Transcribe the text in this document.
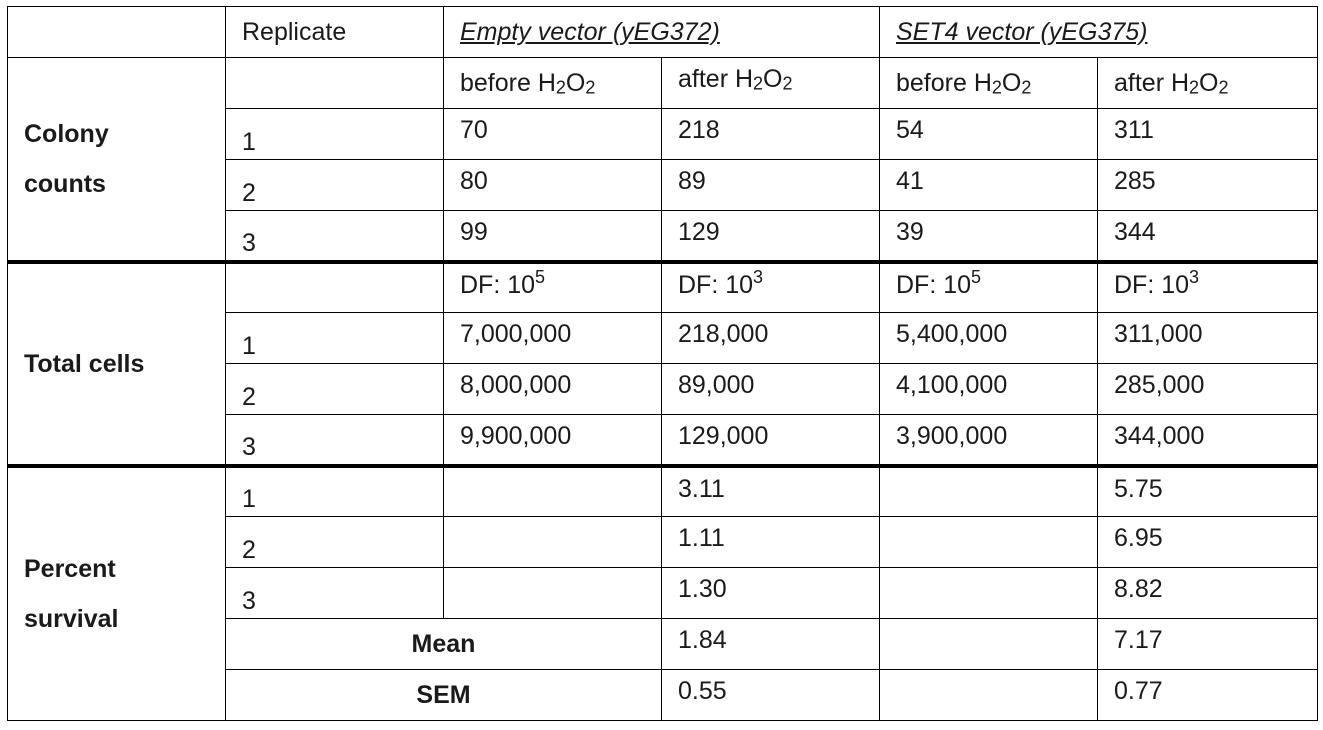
	Replicate	Empty vector (yEG372)		SET4 vector (yEG375)	

Colony
counts		before $H_2O_2$	after $H_2O_2$	before $H_2O_2$	after $H_2O_2$
	1	70	218	54	311
	2	80	89	41	285
	3	99	129	39	344
Total cells		DF: $10^5$	DF: $10^3$	DF: $10^5$	DF: $10^3$
	1	7,000,000	218,000	5,400,000	311,000
	2	8,000,000	89,000	4,100,000	285,000
	3	9,900,000	129,000	3,900,000	344,000

Percent
survival	1		3.11		5.75
	2		1.11		6.95
	3		1.30		8.82
	Mean		1.84		7.17
	SEM		0.55		0.77
